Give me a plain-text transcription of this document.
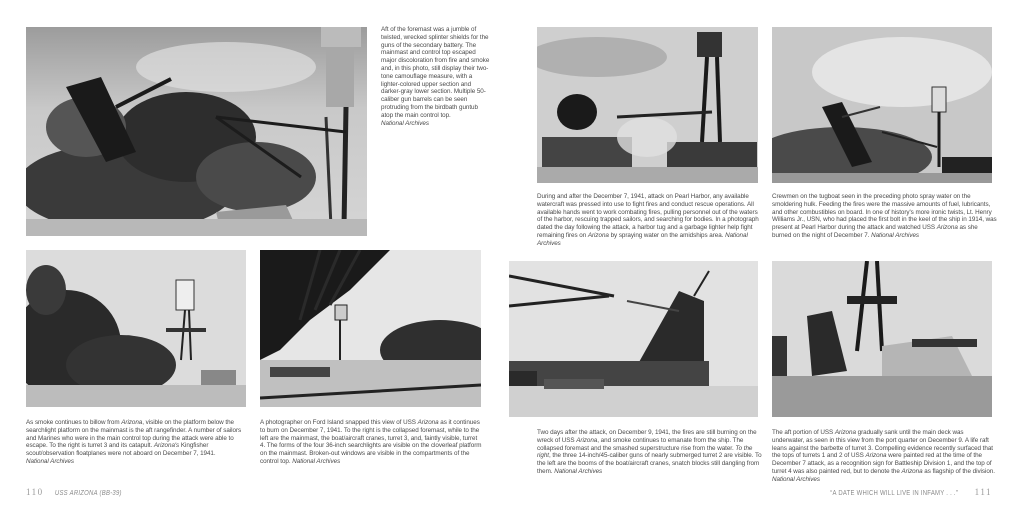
Aft of the foremast was a jumble of twisted, wrecked splinter shields for the guns of the secondary battery. The mainmast and control top escaped major discoloration from fire and smoke and, in this photo, still display their two-tone camouflage measure, with a lighter-colored upper section and darker-gray lower section. Multiple 50-caliber gun barrels can be seen protruding from the birdbath guntub atop the main control top.
National Archives
As smoke continues to billow from Arizona, visible on the platform below the searchlight platform on the mainmast is the aft rangefinder. A number of sailors and Marines who were in the main control top during the attack were able to escape. To the right is turret 3 and its catapult. Arizona's Kingfisher scout/observation floatplanes were not aboard on December 7, 1941.
National Archives
A photographer on Ford Island snapped this view of USS Arizona as it continues to burn on December 7, 1941. To the right is the collapsed foremast, while to the left are the mainmast, the boat/aircraft cranes, turret 3, and, faintly visible, turret 4. The forms of the four 36-inch searchlights are visible on the cloverleaf platform on the mainmast. Broken-out windows are visible in the compartments of the control top. National Archives
110 USS ARIZONA (BB-39)
During and after the December 7, 1941, attack on Pearl Harbor, any available watercraft was pressed into use to fight fires and conduct rescue operations. All available hands went to work combating fires, pulling personnel out of the waters of the harbor, rescuing trapped sailors, and searching for bodies. In a photograph dated the day following the attack, a harbor tug and a garbage lighter help fight remaining fires on Arizona by spraying water on the amidships area. National Archives
Crewmen on the tugboat seen in the preceding photo spray water on the smoldering hulk. Feeding the fires were the massive amounts of fuel, lubricants, and other combustibles on board. In one of history's more ironic twists, Lt. Henry Williams Jr., USN, who had placed the first bolt in the keel of the ship in 1914, was present at Pearl Harbor during the attack and watched USS Arizona as she burned on the night of December 7. National Archives
Two days after the attack, on December 9, 1941, the fires are still burning on the wreck of USS Arizona, and smoke continues to emanate from the ship. The collapsed foremast and the smashed superstructure rise from the water. To the right, the three 14-inch/45-caliber guns of nearly submerged turret 2 are visible. To the left are the booms of the boat/aircraft cranes, snatch blocks still dangling from them. National Archives
The aft portion of USS Arizona gradually sank until the main deck was underwater, as seen in this view from the port quarter on December 9. A life raft leans against the barbette of turret 3. Compelling evidence recently surfaced that the tops of turrets 1 and 2 of USS Arizona were painted red at the time of the December 7 attack, as a recognition sign for Battleship Division 1, and the top of turret 4 was also painted red, but to denote the Arizona as flagship of the division. National Archives
“A DATE WHICH WILL LIVE IN INFAMY . . .” 111
